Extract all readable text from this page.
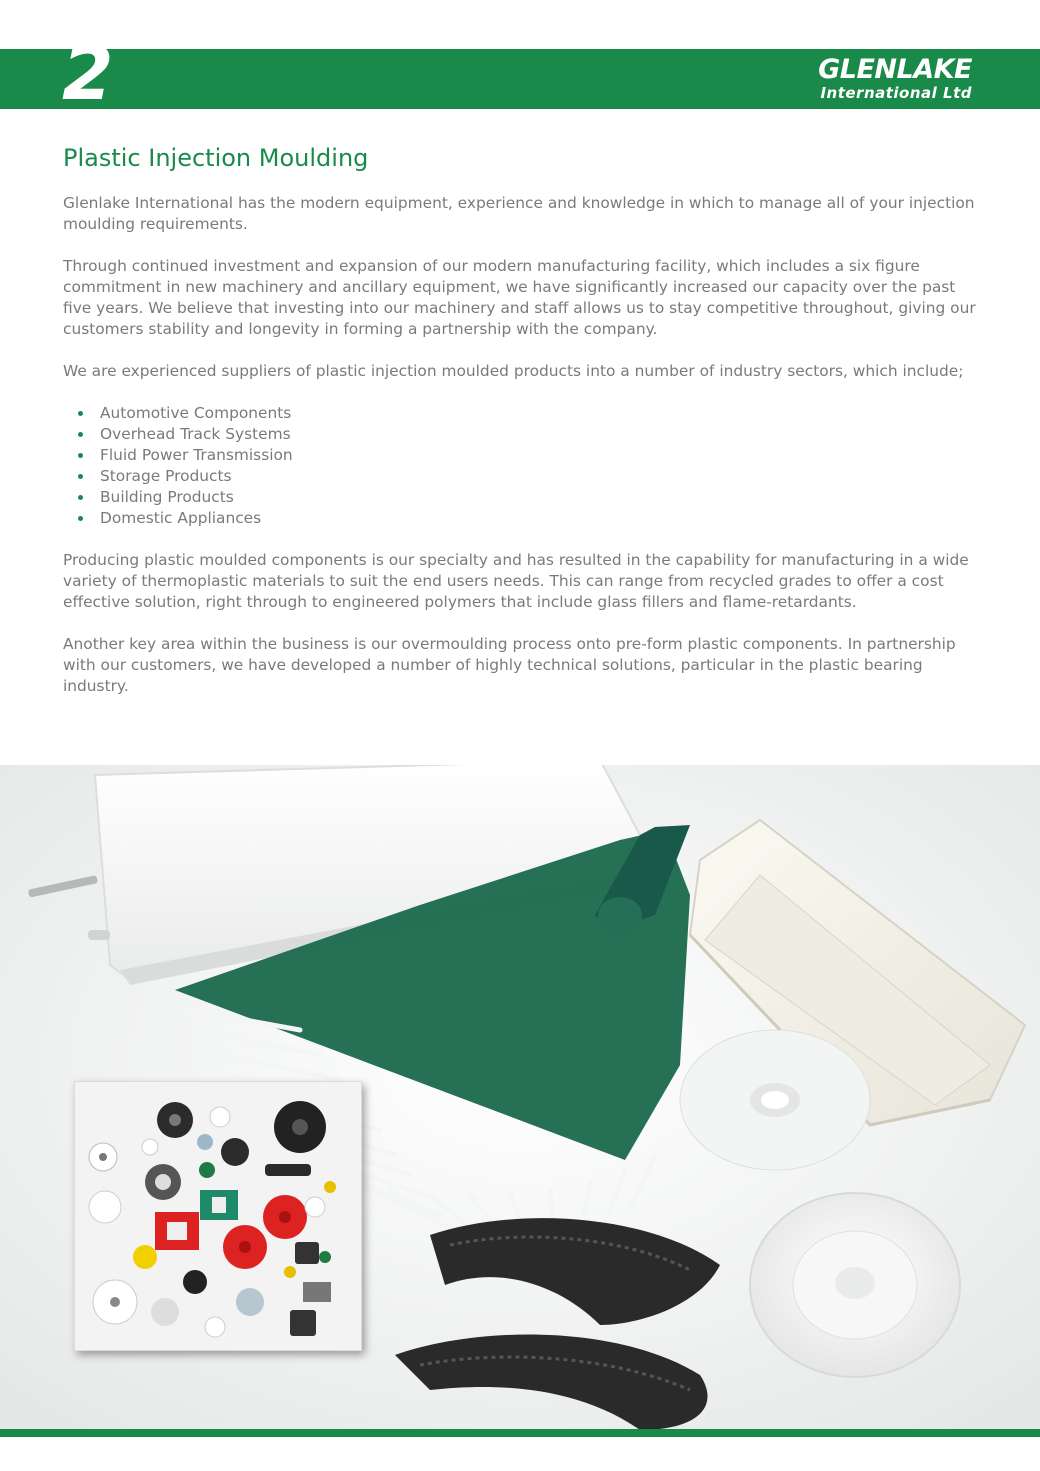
2	GLENLAKE
International Ltd
Plastic Injection Moulding

Glenlake International has the modern equipment, experience and knowledge in which to manage all of your injection moulding requirements.

Through continued investment and expansion of our modern manufacturing facility, which includes a six figure commitment in new machinery and ancillary equipment, we have significantly increased our capacity over the past five years. We believe that investing into our machinery and staff allows us to stay competitive throughout, giving our customers stability and longevity in forming a partnership with the company.

We are experienced suppliers of plastic injection moulded products into a number of industry sectors, which include;

Automotive Components
Overhead Track Systems
Fluid Power Transmission
Storage Products
Building Products
Domestic Appliances

Producing plastic moulded components is our specialty and has resulted in the capability for manufacturing in a wide variety of thermoplastic materials to suit the end users needs. This can range from recycled grades to offer a cost effective solution, right through to engineered polymers that include glass fillers and flame-retardants.

Another key area within the business is our overmoulding process onto pre-form plastic components. In partnership with our customers, we have developed a number of highly technical solutions, particular in the plastic bearing industry.
